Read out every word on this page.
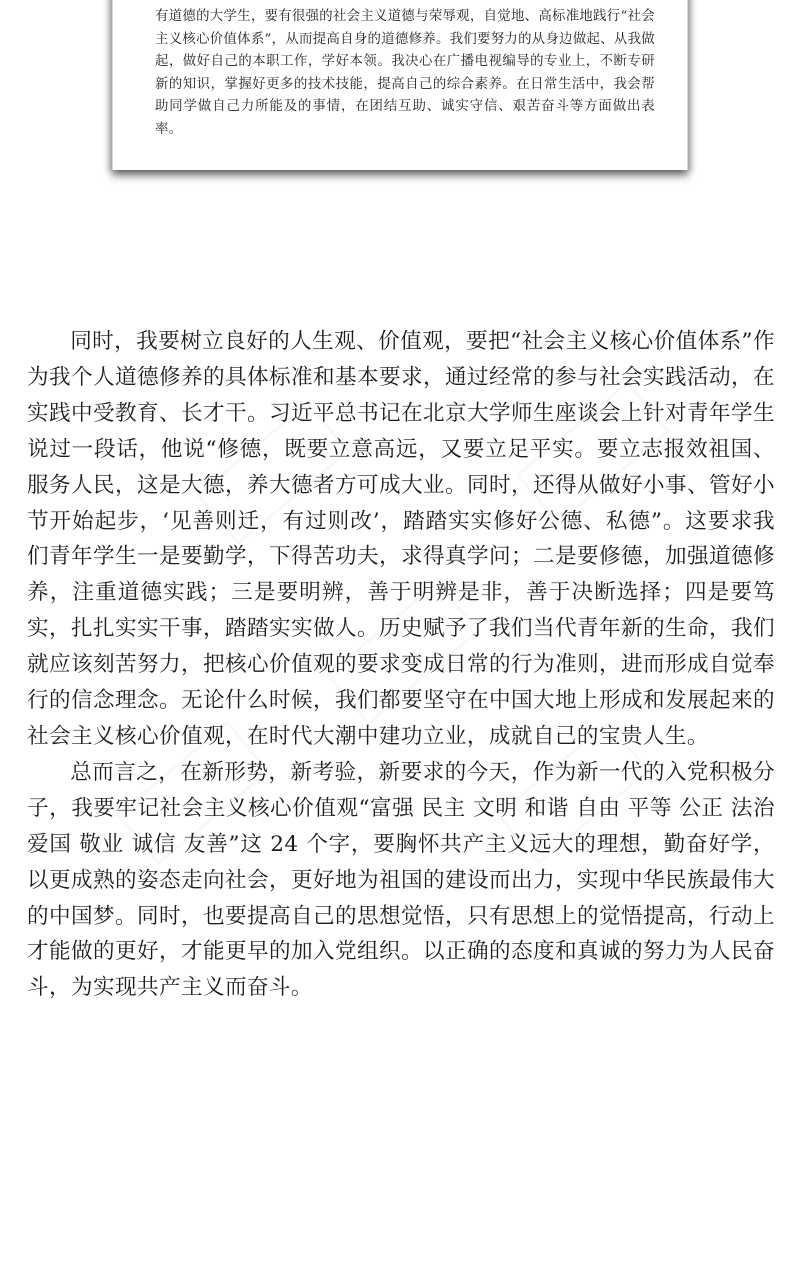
有道德的大学生，要有很强的社会主义道德与荣辱观，自觉地、高标准地践行“社会主义核心价值体系”，从而提高自身的道德修养。我们要努力的从身边做起、从我做起，做好自己的本职工作，学好本领。我决心在广播电视编导的专业上，不断专研新的知识，掌握好更多的技术技能，提高自己的综合素养。在日常生活中，我会帮助同学做自己力所能及的事情，在团结互助、诚实守信、艰苦奋斗等方面做出表率。

同时，我要树立良好的人生观、价值观，要把“社会主义核心价值体系”作为我个人道德修养的具体标准和基本要求，通过经常的参与社会实践活动，在实践中受教育、长才干。习近平总书记在北京大学师生座谈会上针对青年学生说过一段话，他说“修德，既要立意高远，又要立足平实。要立志报效祖国、服务人民，这是大德，养大德者方可成大业。同时，还得从做好小事、管好小节开始起步，‘见善则迁，有过则改’，踏踏实实修好公德、私德”。这要求我们青年学生一是要勤学，下得苦功夫，求得真学问；二是要修德，加强道德修养，注重道德实践；三是要明辨，善于明辨是非，善于决断选择；四是要笃实，扎扎实实干事，踏踏实实做人。历史赋予了我们当代青年新的生命，我们就应该刻苦努力，把核心价值观的要求变成日常的行为准则，进而形成自觉奉行的信念理念。无论什么时候，我们都要坚守在中国大地上形成和发展起来的社会主义核心价值观，在时代大潮中建功立业，成就自己的宝贵人生。

总而言之，在新形势，新考验，新要求的今天，作为新一代的入党积极分子，我要牢记社会主义核心价值观“富强 民主 文明 和谐 自由 平等 公正 法治 爱国 敬业 诚信 友善”这 24 个字，要胸怀共产主义远大的理想，勤奋好学，以更成熟的姿态走向社会，更好地为祖国的建设而出力，实现中华民族最伟大的中国梦。同时，也要提高自己的思想觉悟，只有思想上的觉悟提高，行动上才能做的更好，才能更早的加入党组织。以正确的态度和真诚的努力为人民奋斗，为实现共产主义而奋斗。
